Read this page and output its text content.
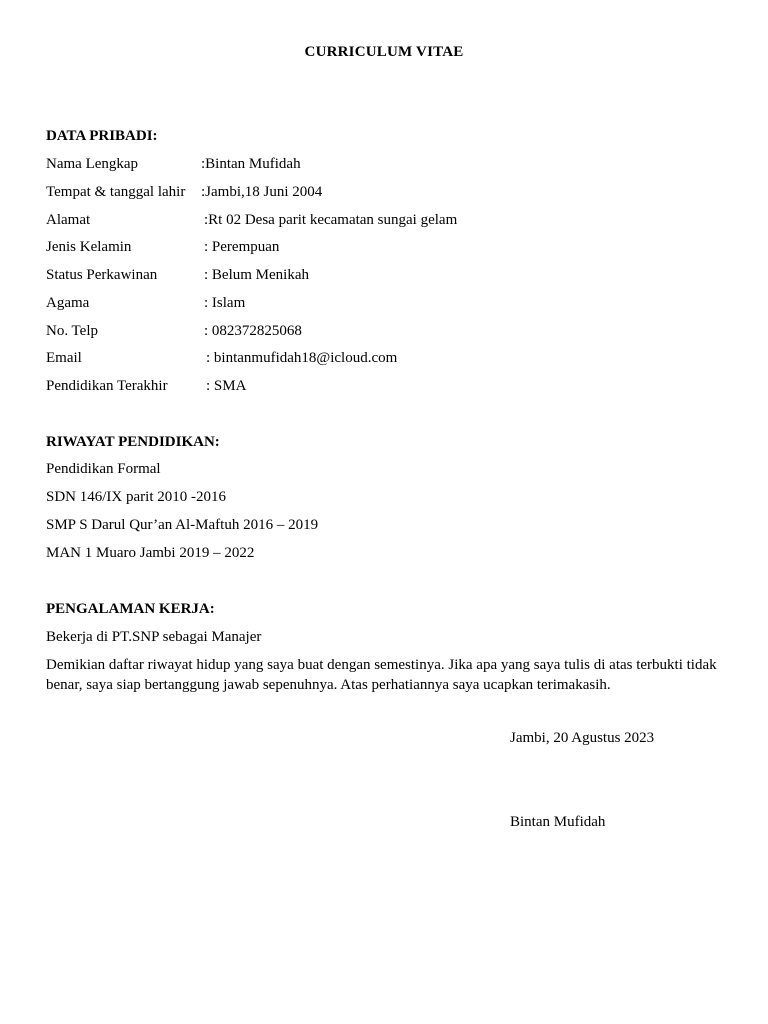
CURRICULUM VITAE
DATA PRIBADI:
Nama Lengkap	:Bintan Mufidah
Tempat & tanggal lahir :Jambi,18 Juni 2004
Alamat	:Rt 02 Desa parit kecamatan sungai gelam
Jenis Kelamin	: Perempuan
Status Perkawinan	: Belum Menikah
Agama	: Islam
No. Telp	: 082372825068
Email	: bintanmufidah18@icloud.com
Pendidikan Terakhir	: SMA
RIWAYAT PENDIDIKAN:
Pendidikan Formal
SDN 146/IX parit 2010 -2016
SMP S Darul Qur’an Al-Maftuh 2016 – 2019
MAN 1 Muaro Jambi 2019 – 2022
PENGALAMAN KERJA:
Bekerja di PT.SNP sebagai Manajer
Demikian daftar riwayat hidup yang saya buat dengan semestinya. Jika apa yang saya tulis di atas terbukti tidak benar, saya siap bertanggung jawab sepenuhnya. Atas perhatiannya saya ucapkan terimakasih.
Jambi, 20 Agustus 2023
Bintan Mufidah
